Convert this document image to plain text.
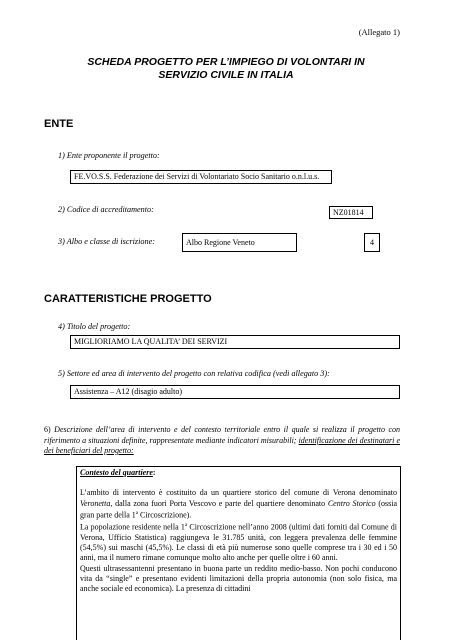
(Allegato 1)
SCHEDA PROGETTO PER L’IMPIEGO DI VOLONTARI IN
SERVIZIO CIVILE IN ITALIA
ENTE
1) Ente proponente il progetto:
FE.VO.S.S. Federazione dei Servizi di Volontariato Socio Sanitario o.n.l.u.s.
2) Codice di accreditamento:	NZ01814
3) Albo e classe di iscrizione:	Albo Regione Veneto	4
CARATTERISTICHE PROGETTO
4) Titolo del progetto:
MIGLIORIAMO LA QUALITA’ DEI SERVIZI
5) Settore ed area di intervento del progetto con relativa codifica (vedi allegato 3):
Assistenza – A12 (disagio adulto)
6) Descrizione dell’area di intervento e del contesto territoriale entro il quale si realizza il progetto con riferimento a situazioni definite, rappresentate mediante indicatori misurabili; identificazione dei destinatari e dei beneficiari del progetto:
Contesto del quartiere:

L’ambito di intervento è costituito da un quartiere storico del comune di Verona denominato Veronetta, dalla zona fuori Porta Vescovo e parte del quartiere denominato Centro Storico (ossia gran parte della 1$^a$ Circoscrizione).

La popolazione residente nella 1$^a$ Circoscrizione nell’anno 2008 (ultimi dati forniti dal Comune di Verona, Ufficio Statistica) raggiungeva le 31.785 unità, con leggera prevalenza delle femmine (54,5%) sui maschi (45,5%). Le classi di età più numerose sono quelle comprese tra i 30 ed i 50 anni, ma il numero rimane comunque molto alto anche per quelle oltre i 60 anni.

Questi ultrasessantenni presentano in buona parte un reddito medio-basso. Non pochi conducono vita da “single” e presentano evidenti limitazioni della propria autonomia (non solo fisica, ma anche sociale ed economica). La presenza di cittadini
